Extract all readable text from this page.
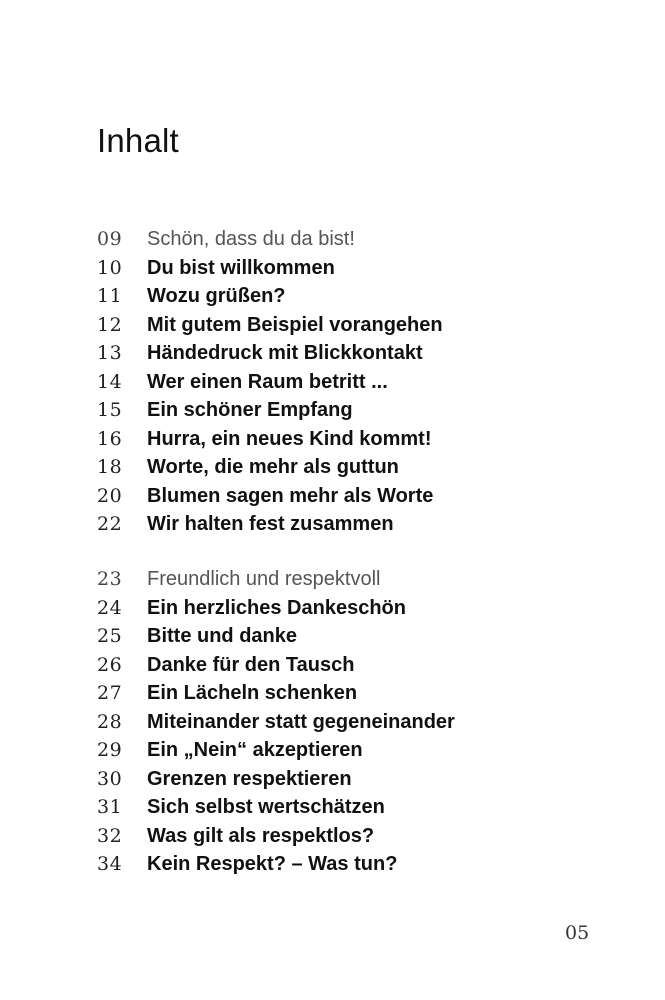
Inhalt
09	Schön, dass du da bist!
10	Du bist willkommen
11	Wozu grüßen?
12	Mit gutem Beispiel vorangehen
13	Händedruck mit Blickkontakt
14	Wer einen Raum betritt ...
15	Ein schöner Empfang
16	Hurra, ein neues Kind kommt!
18	Worte, die mehr als guttun
20	Blumen sagen mehr als Worte
22	Wir halten fest zusammen
23	Freundlich und respektvoll
24	Ein herzliches Dankeschön
25	Bitte und danke
26	Danke für den Tausch
27	Ein Lächeln schenken
28	Miteinander statt gegeneinander
29	Ein „Nein“ akzeptieren
30	Grenzen respektieren
31	Sich selbst wertschätzen
32	Was gilt als respektlos?
34	Kein Respekt? – Was tun?
05
